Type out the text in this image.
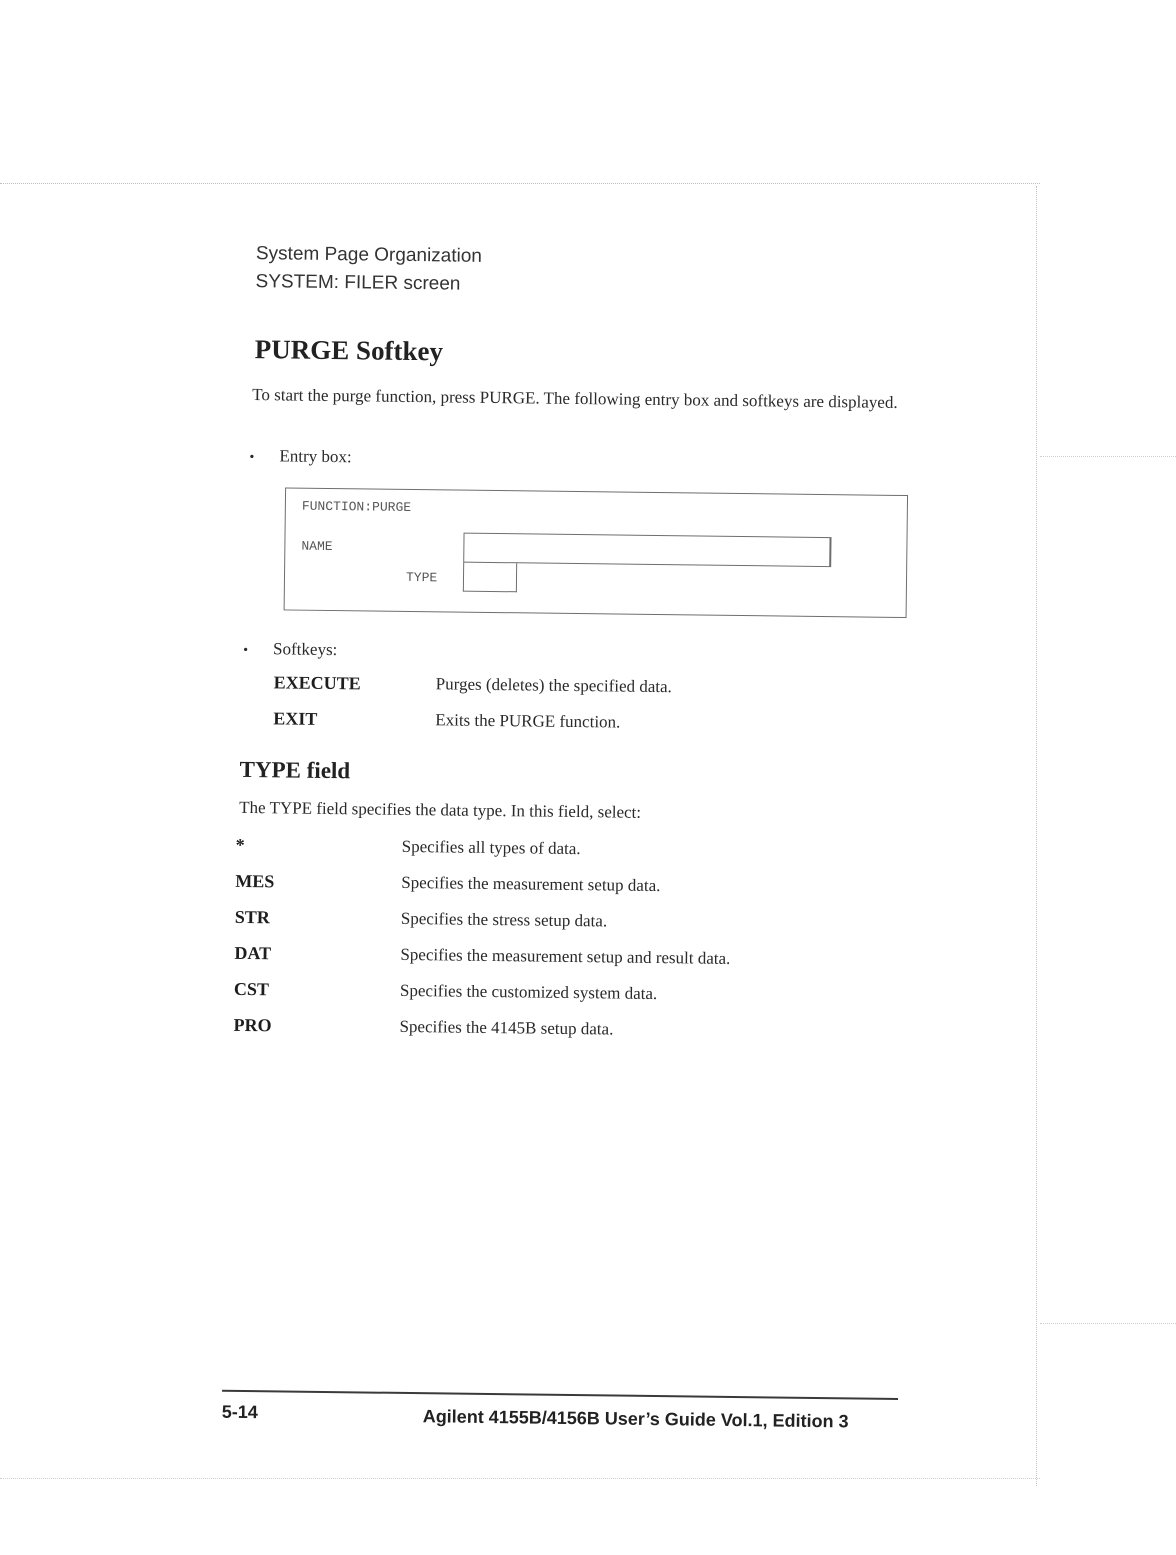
System Page Organization
SYSTEM: FILER screen
PURGE Softkey
To start the purge function, press PURGE. The following entry box and softkeys are displayed.
• Entry box:
FUNCTION:PURGE
NAME
TYPE
• Softkeys:
EXECUTE	Purges (deletes) the specified data.
EXIT	Exits the PURGE function.
TYPE field
The TYPE field specifies the data type. In this field, select:
*	Specifies all types of data.
MES	Specifies the measurement setup data.
STR	Specifies the stress setup data.
DAT	Specifies the measurement setup and result data.
CST	Specifies the customized system data.
PRO	Specifies the 4145B setup data.
5-14	Agilent 4155B/4156B User’s Guide Vol.1, Edition 3
